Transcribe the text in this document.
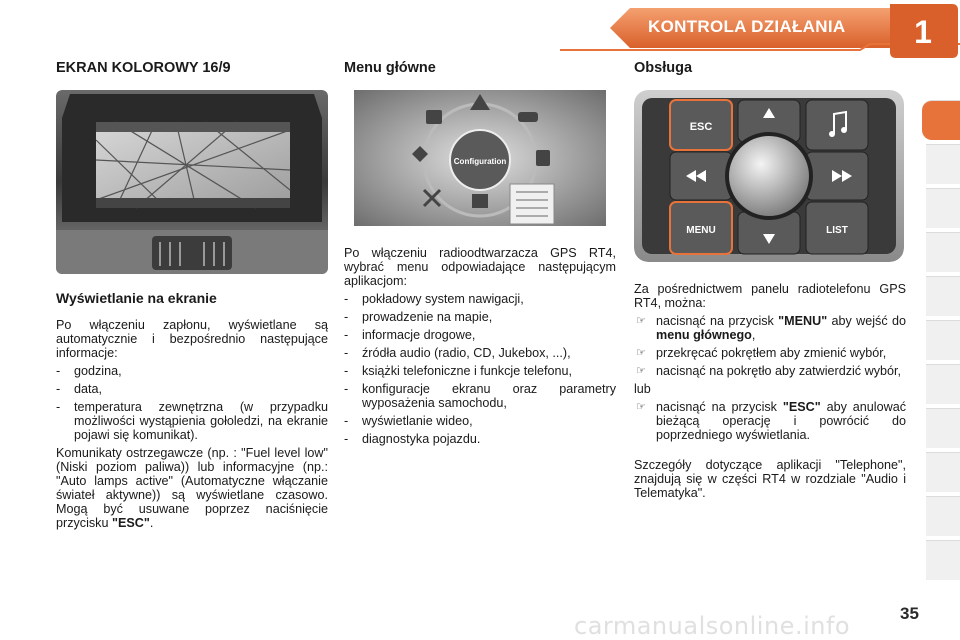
KONTROLA DZIAŁANIA	1
EKRAN KOLOROWY 16/9
Wyświetlanie na ekranie

Po włączeniu zapłonu, wyświetlane są automatycznie i bezpośrednio następujące informacje:

-	godzina,
-	data,
-	temperatura zewnętrzna (w przypadku możliwości wystąpienia gołoledzi, na ekranie pojawi się komunikat).

Komunikaty ostrzegawcze (np. : "Fuel level low" (Niski poziom paliwa)) lub informacyjne (np.: "Auto lamps active" (Automatyczne włączanie świateł aktywne)) są wyświetlane czasowo. Mogą być usuwane poprzez naciśnięcie przycisku "ESC".

Menu główne
Configuration

Po włączeniu radioodtwarzacza GPS RT4, wybrać menu odpowiadające następującym aplikacjom:

-	pokładowy system nawigacji,
-	prowadzenie na mapie,
-	informacje drogowe,
-	źródła audio (radio, CD, Jukebox, ...),
-	książki telefoniczne i funkcje telefonu,
-	konfiguracje ekranu oraz parametry wyposażenia samochodu,
-	wyświetlanie wideo,
-	diagnostyka pojazdu.
Obsługa
ESC
MENU	LIST

Za pośrednictwem panelu radiotelefonu GPS RT4, można:

☞ nacisnąć na przycisk "MENU" aby wejść do menu głównego,
☞ przekręcać pokrętłem aby zmienić wybór,
☞ nacisnąć na pokrętło aby zatwierdzić wybór,

lub

☞ nacisnąć na przycisk "ESC" aby anulować bieżącą operację i powrócić do poprzedniego wyświetlania.

Szczegóły dotyczące aplikacji "Telephone", znajdują się w części RT4 w rozdziale "Audio i Telematyka".

carmanualsonline.info	35
